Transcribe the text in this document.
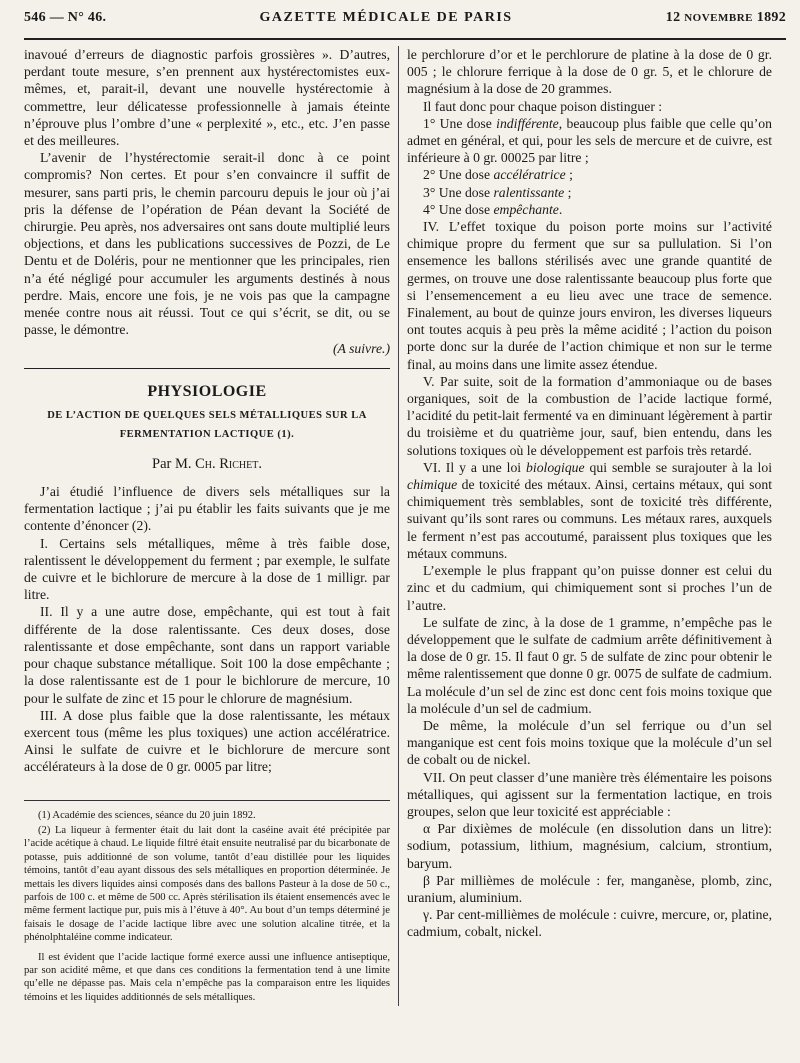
546 — N° 46.	GAZETTE MÉDICALE DE PARIS	12 NOVEMBRE 1892

inavoué d’erreurs de diagnostic parfois grossières ». D’autres, perdant toute mesure, s’en prennent aux hystérectomistes eux-mêmes, et, parait-il, devant une nouvelle hystérectomie à commettre, leur délicatesse professionnelle à jamais éteinte n’éprouve plus l’ombre d’une « perplexité », etc., etc. J’en passe et des meilleures.

L’avenir de l’hystérectomie serait-il donc à ce point compromis? Non certes. Et pour s’en convaincre il suffit de mesurer, sans parti pris, le chemin parcouru depuis le jour où j’ai pris la défense de l’opération de Péan devant la Société de chirurgie. Peu après, nos adversaires ont sans doute multiplié leurs objections, et dans les publications successives de Pozzi, de Le Dentu et de Doléris, pour ne mentionner que les principales, rien n’a été négligé pour accumuler les arguments destinés à nous perdre. Mais, encore une fois, je ne vois pas que la campagne menée contre nous ait réussi. Tout ce qui s’écrit, se dit, ou se passe, le démontre.

(A suivre.)

PHYSIOLOGIE
DE L’ACTION DE QUELQUES SELS MÉTALLIQUES SUR LA
FERMENTATION LACTIQUE (1).
Par M. Ch. Richet.

J’ai étudié l’influence de divers sels métalliques sur la fermentation lactique ; j’ai pu établir les faits suivants que je me contente d’énoncer (2).

I. Certains sels métalliques, même à très faible dose, ralentissent le développement du ferment ; par exemple, le sulfate de cuivre et le bichlorure de mercure à la dose de 1 milligr. par litre.

II. Il y a une autre dose, empêchante, qui est tout à fait différente de la dose ralentissante. Ces deux doses, dose ralentissante et dose empêchante, sont dans un rapport variable pour chaque substance métallique. Soit 100 la dose empêchante ; la dose ralentissante est de 1 pour le bichlorure de mercure, 10 pour le sulfate de zinc et 15 pour le chlorure de magnésium.

III. A dose plus faible que la dose ralentissante, les métaux exercent tous (même les plus toxiques) une action accélératrice. Ainsi le sulfate de cuivre et le bichlorure de mercure sont accélérateurs à la dose de 0 gr. 0005 par litre;

(1) Académie des sciences, séance du 20 juin 1892.

(2) La liqueur à fermenter était du lait dont la caséine avait été précipitée par l’acide acétique à chaud. Le liquide filtré était ensuite neutralisé par du bicarbonate de potasse, puis additionné de son volume, tantôt d’eau distillée pour les liquides témoins, tantôt d’eau ayant dissous des sels métalliques en proportion déterminée. Je mettais les divers liquides ainsi composés dans des ballons Pasteur à la dose de 50 c., parfois de 100 c. et même de 500 cc. Après stérilisation ils étaient ensemencés avec le même ferment lactique pur, puis mis à l’étuve à 40°. Au bout d’un temps déterminé je faisais le dosage de l’acide lactique libre avec une solution alcaline titrée, et la phénolphtaléine comme indicateur.

Il est évident que l’acide lactique formé exerce aussi une influence antiseptique, par son acidité même, et que dans ces conditions la fermentation tend à une limite qu’elle ne dépasse pas. Mais cela n’empêche pas la comparaison entre les liquides témoins et les liquides additionnés de sels métalliques.

le perchlorure d’or et le perchlorure de platine à la dose de 0 gr. 005 ; le chlorure ferrique à la dose de 0 gr. 5, et le chlorure de magnésium à la dose de 20 grammes.

Il faut donc pour chaque poison distinguer :

1° Une dose indifférente, beaucoup plus faible que celle qu’on admet en général, et qui, pour les sels de mercure et de cuivre, est inférieure à 0 gr. 00025 par litre ;

2° Une dose accélératrice ;

3° Une dose ralentissante ;

4° Une dose empêchante.

IV. L’effet toxique du poison porte moins sur l’activité chimique propre du ferment que sur sa pullulation. Si l’on ensemence les ballons stérilisés avec une grande quantité de germes, on trouve une dose ralentissante beaucoup plus forte que si l’ensemencement a eu lieu avec une trace de semence. Finalement, au bout de quinze jours environ, les diverses liqueurs ont toutes acquis à peu près la même acidité ; l’action du poison porte donc sur la durée de l’action chimique et non sur le terme final, au moins dans une limite assez étendue.

V. Par suite, soit de la formation d’ammoniaque ou de bases organiques, soit de la combustion de l’acide lactique formé, l’acidité du petit-lait fermenté va en diminuant légèrement à partir du troisième et du quatrième jour, sauf, bien entendu, dans les solutions toxiques où le développement est parfois très retardé.

VI. Il y a une loi biologique qui semble se surajouter à la loi chimique de toxicité des métaux. Ainsi, certains métaux, qui sont chimiquement très semblables, sont de toxicité très différente, suivant qu’ils sont rares ou communs. Les métaux rares, auxquels le ferment n’est pas accoutumé, paraissent plus toxiques que les métaux communs.

L’exemple le plus frappant qu’on puisse donner est celui du zinc et du cadmium, qui chimiquement sont si proches l’un de l’autre.

Le sulfate de zinc, à la dose de 1 gramme, n’empêche pas le développement que le sulfate de cadmium arrête définitivement à la dose de 0 gr. 15. Il faut 0 gr. 5 de sulfate de zinc pour obtenir le même ralentissement que donne 0 gr. 0075 de sulfate de cadmium. La molécule d’un sel de zinc est donc cent fois moins toxique que la molécule d’un sel de cadmium.

De même, la molécule d’un sel ferrique ou d’un sel manganique est cent fois moins toxique que la molécule d’un sel de cobalt ou de nickel.

VII. On peut classer d’une manière très élémentaire les poisons métalliques, qui agissent sur la fermentation lactique, en trois groupes, selon que leur toxicité est appréciable :

α Par dixièmes de molécule (en dissolution dans un litre): sodium, potassium, lithium, magnésium, calcium, strontium, baryum.

β Par millièmes de molécule : fer, manganèse, plomb, zinc, uranium, aluminium.

γ. Par cent-millièmes de molécule : cuivre, mercure, or, platine, cadmium, cobalt, nickel.
